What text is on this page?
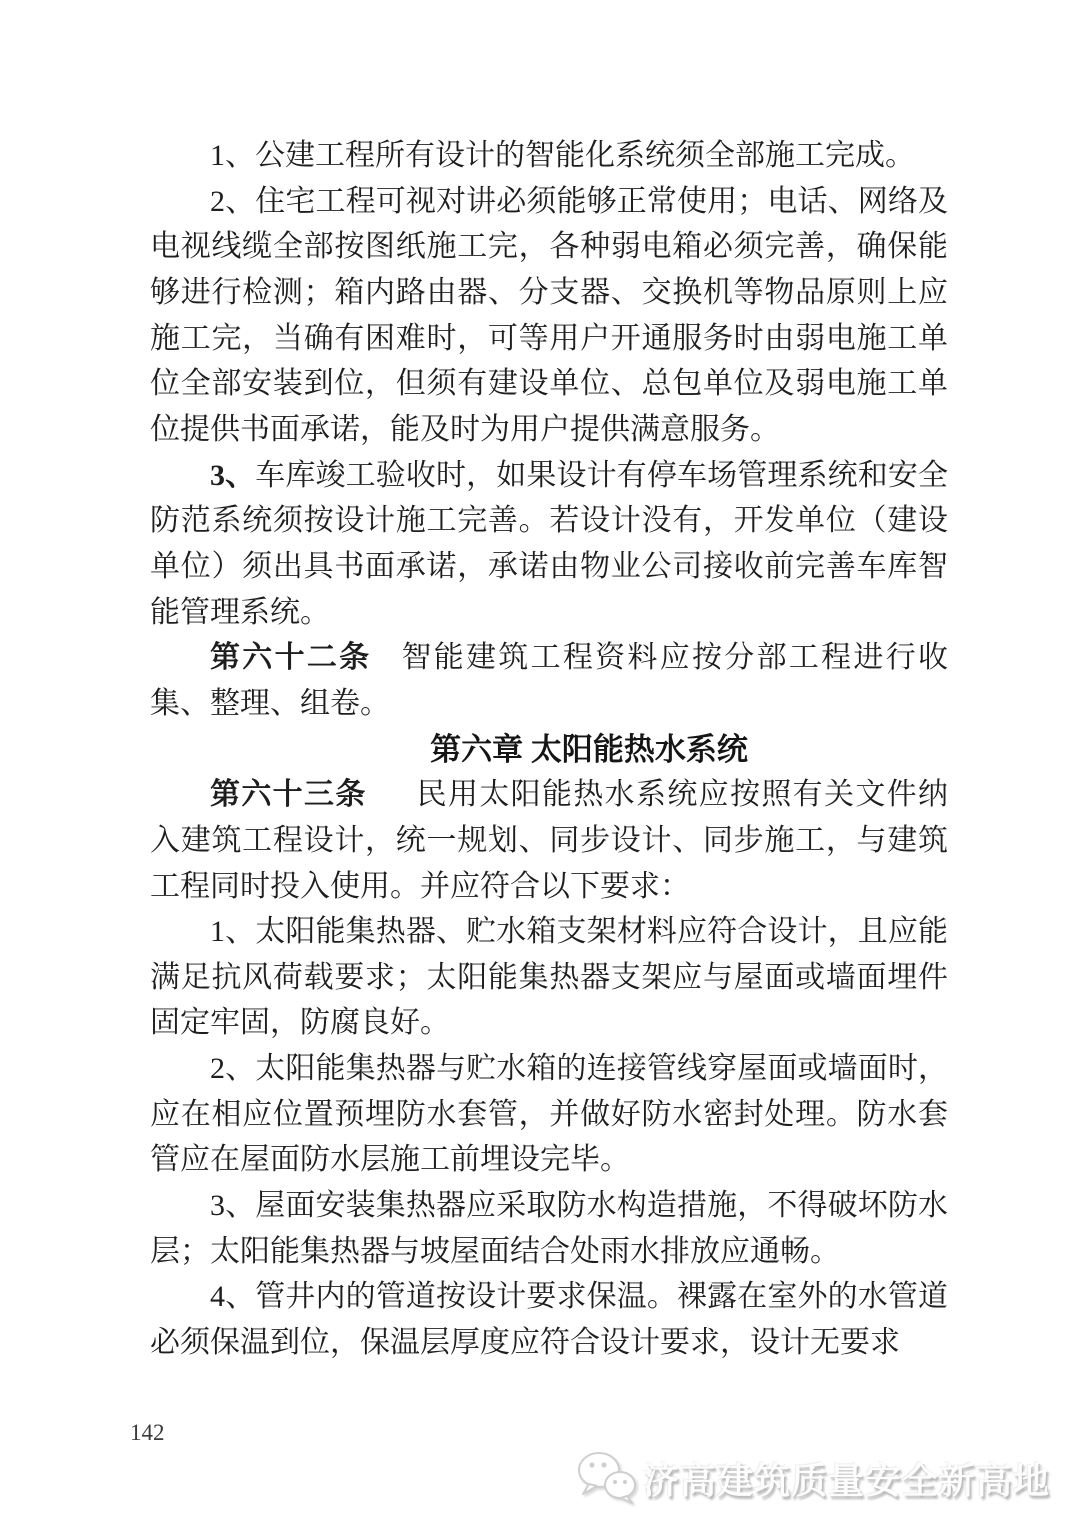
1、公建工程所有设计的智能化系统须全部施工完成。

2、住宅工程可视对讲必须能够正常使用；电话、网络及电视线缆全部按图纸施工完，各种弱电箱必须完善，确保能够进行检测；箱内路由器、分支器、交换机等物品原则上应施工完，当确有困难时，可等用户开通服务时由弱电施工单位全部安装到位，但须有建设单位、总包单位及弱电施工单位提供书面承诺，能及时为用户提供满意服务。

3、车库竣工验收时，如果设计有停车场管理系统和安全防范系统须按设计施工完善。若设计没有，开发单位（建设单位）须出具书面承诺，承诺由物业公司接收前完善车库智能管理系统。

第六十二条 智能建筑工程资料应按分部工程进行收集、整理、组卷。

第六章 太阳能热水系统

第六十三条 民用太阳能热水系统应按照有关文件纳入建筑工程设计，统一规划、同步设计、同步施工，与建筑工程同时投入使用。并应符合以下要求：

1、太阳能集热器、贮水箱支架材料应符合设计，且应能满足抗风荷载要求；太阳能集热器支架应与屋面或墙面埋件固定牢固，防腐良好。

2、太阳能集热器与贮水箱的连接管线穿屋面或墙面时，应在相应位置预埋防水套管，并做好防水密封处理。防水套管应在屋面防水层施工前埋设完毕。

3、屋面安装集热器应采取防水构造措施，不得破坏防水层；太阳能集热器与坡屋面结合处雨水排放应通畅。

4、管井内的管道按设计要求保温。裸露在室外的水管道必须保温到位，保温层厚度应符合设计要求，设计无要求

142
济高建筑质量安全新高地
